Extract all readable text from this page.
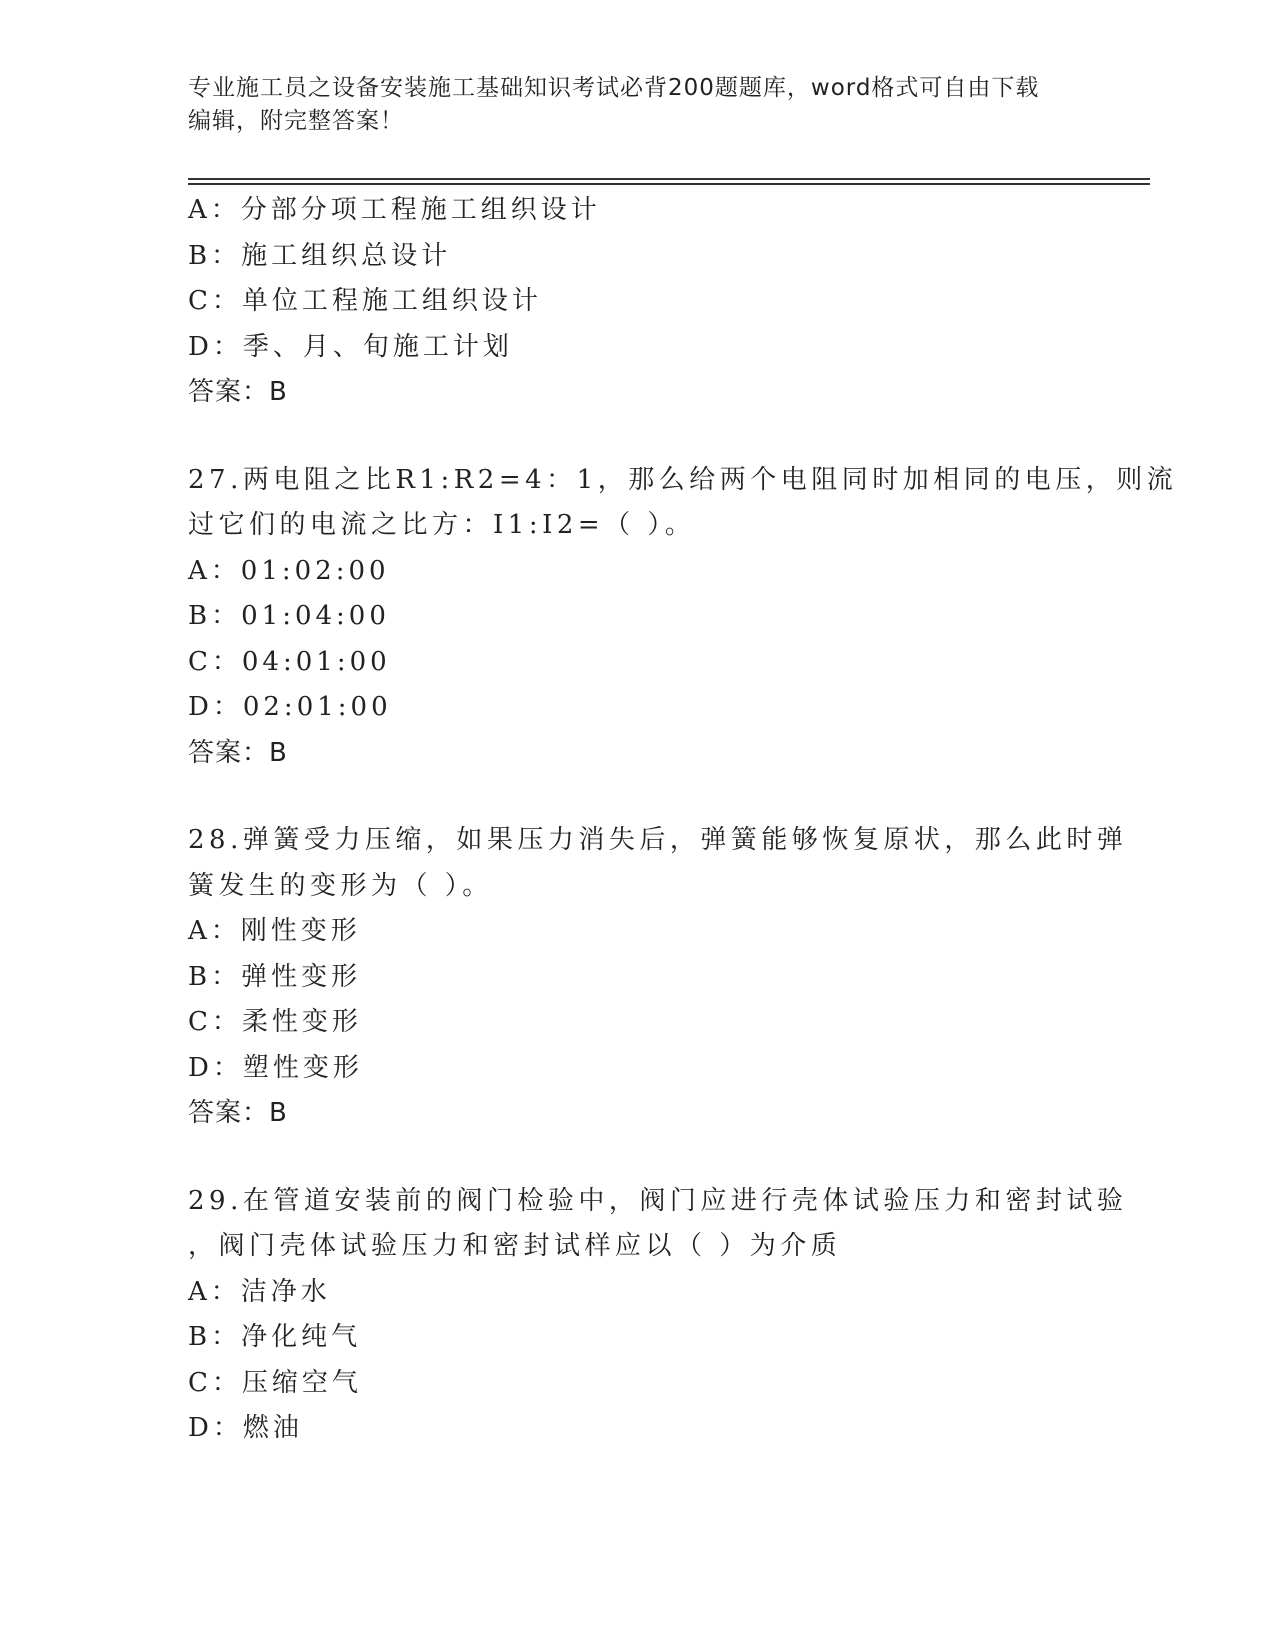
专业施工员之设备安装施工基础知识考试必背200题题库，word格式可自由下载
编辑，附完整答案！
A：分部分项工程施工组织设计
B：施工组织总设计
C：单位工程施工组织设计
D：季、月、旬施工计划
答案：B
27.两电阻之比R1:R2=4：1，那么给两个电阻同时加相同的电压，则流
过它们的电流之比方：I1:I2=（ ）。
A：01:02:00
B：01:04:00
C：04:01:00
D：02:01:00
答案：B
28.弹簧受力压缩，如果压力消失后，弹簧能够恢复原状，那么此时弹
簧发生的变形为（ ）。
A：刚性变形
B：弹性变形
C：柔性变形
D：塑性变形
答案：B
29.在管道安装前的阀门检验中，阀门应进行壳体试验压力和密封试验
，阀门壳体试验压力和密封试样应以（ ）为介质
A：洁净水
B：净化纯气
C：压缩空气
D：燃油
